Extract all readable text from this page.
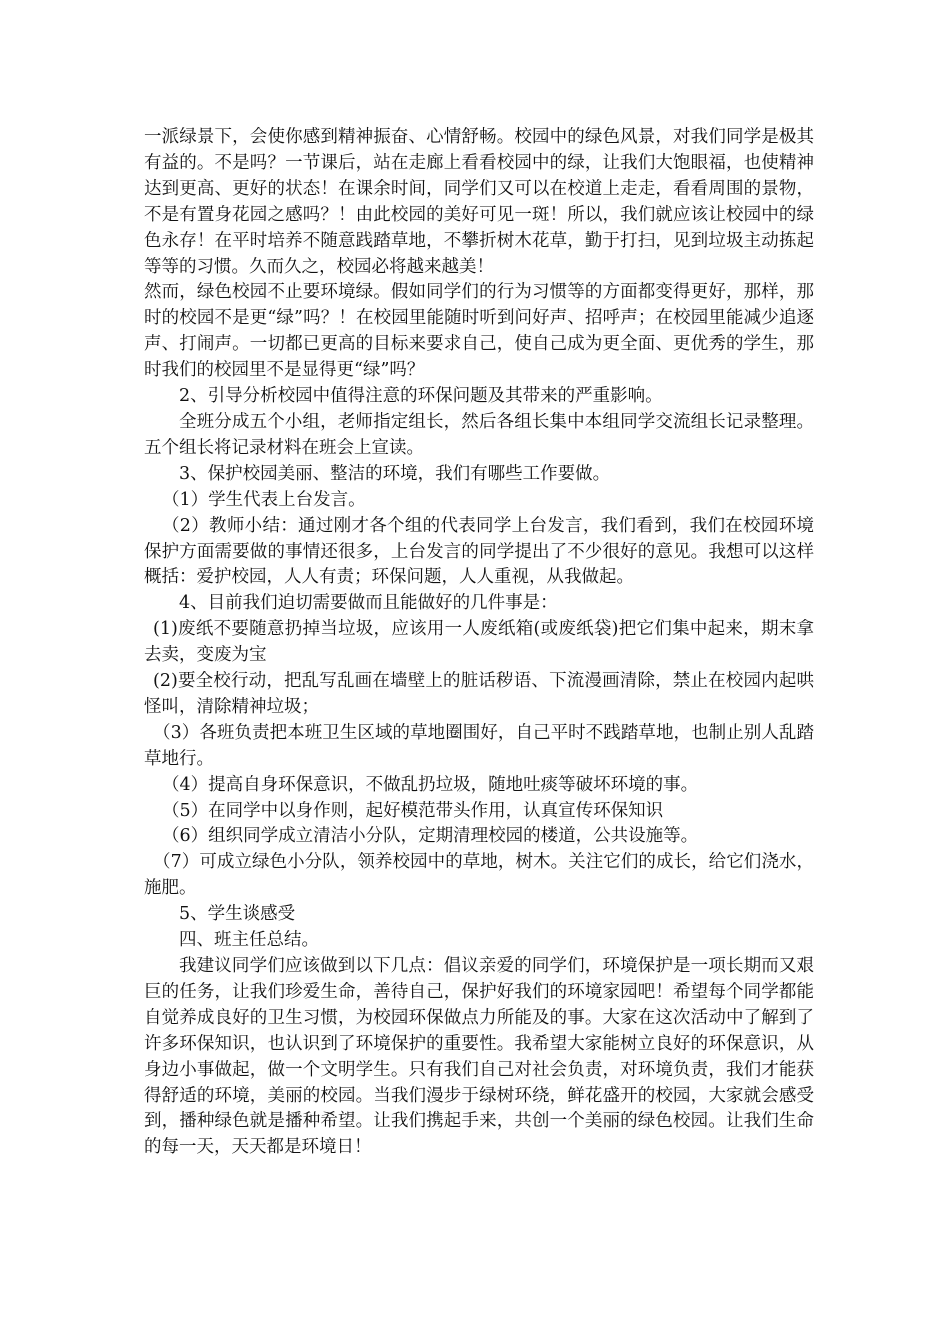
一派绿景下，会使你感到精神振奋、心情舒畅。校园中的绿色风景，对我们同学是极其有益的。不是吗？一节课后，站在走廊上看看校园中的绿，让我们大饱眼福，也使精神达到更高、更好的状态！在课余时间，同学们又可以在校道上走走，看看周围的景物，不是有置身花园之感吗？！由此校园的美好可见一斑！所以，我们就应该让校园中的绿色永存！在平时培养不随意践踏草地，不攀折树木花草，勤于打扫，见到垃圾主动拣起等等的习惯。久而久之，校园必将越来越美！

然而，绿色校园不止要环境绿。假如同学们的行为习惯等的方面都变得更好，那样，那时的校园不是更“绿”吗？！在校园里能随时听到问好声、招呼声；在校园里能减少追逐声、打闹声。一切都已更高的目标来要求自己，使自己成为更全面、更优秀的学生，那时我们的校园里不是显得更“绿”吗？

2、引导分析校园中值得注意的环保问题及其带来的严重影响。

全班分成五个小组，老师指定组长，然后各组长集中本组同学交流组长记录整理。五个组长将记录材料在班会上宣读。

3、保护校园美丽、整洁的环境，我们有哪些工作要做。

（1）学生代表上台发言。

（2）教师小结：通过刚才各个组的代表同学上台发言，我们看到，我们在校园环境保护方面需要做的事情还很多，上台发言的同学提出了不少很好的意见。我想可以这样概括：爱护校园，人人有责；环保问题，人人重视，从我做起。

4、目前我们迫切需要做而且能做好的几件事是：

(1)废纸不要随意扔掉当垃圾，应该用一人废纸箱(或废纸袋)把它们集中起来，期末拿去卖，变废为宝

(2)要全校行动，把乱写乱画在墙壁上的脏话秽语、下流漫画清除，禁止在校园内起哄怪叫，清除精神垃圾；

（3）各班负责把本班卫生区域的草地圈围好，自己平时不践踏草地，也制止别人乱踏草地行。

（4）提高自身环保意识，不做乱扔垃圾，随地吐痰等破坏环境的事。

（5）在同学中以身作则，起好模范带头作用，认真宣传环保知识

（6）组织同学成立清洁小分队，定期清理校园的楼道，公共设施等。

（7）可成立绿色小分队，领养校园中的草地，树木。关注它们的成长，给它们浇水，施肥。

5、学生谈感受

四、班主任总结。

我建议同学们应该做到以下几点：倡议亲爱的同学们，环境保护是一项长期而又艰巨的任务，让我们珍爱生命，善待自己，保护好我们的环境家园吧！希望每个同学都能自觉养成良好的卫生习惯，为校园环保做点力所能及的事。大家在这次活动中了解到了许多环保知识，也认识到了环境保护的重要性。我希望大家能树立良好的环保意识，从身边小事做起，做一个文明学生。只有我们自己对社会负责，对环境负责，我们才能获得舒适的环境，美丽的校园。当我们漫步于绿树环绕，鲜花盛开的校园，大家就会感受到，播种绿色就是播种希望。让我们携起手来，共创一个美丽的绿色校园。让我们生命的每一天，天天都是环境日！
